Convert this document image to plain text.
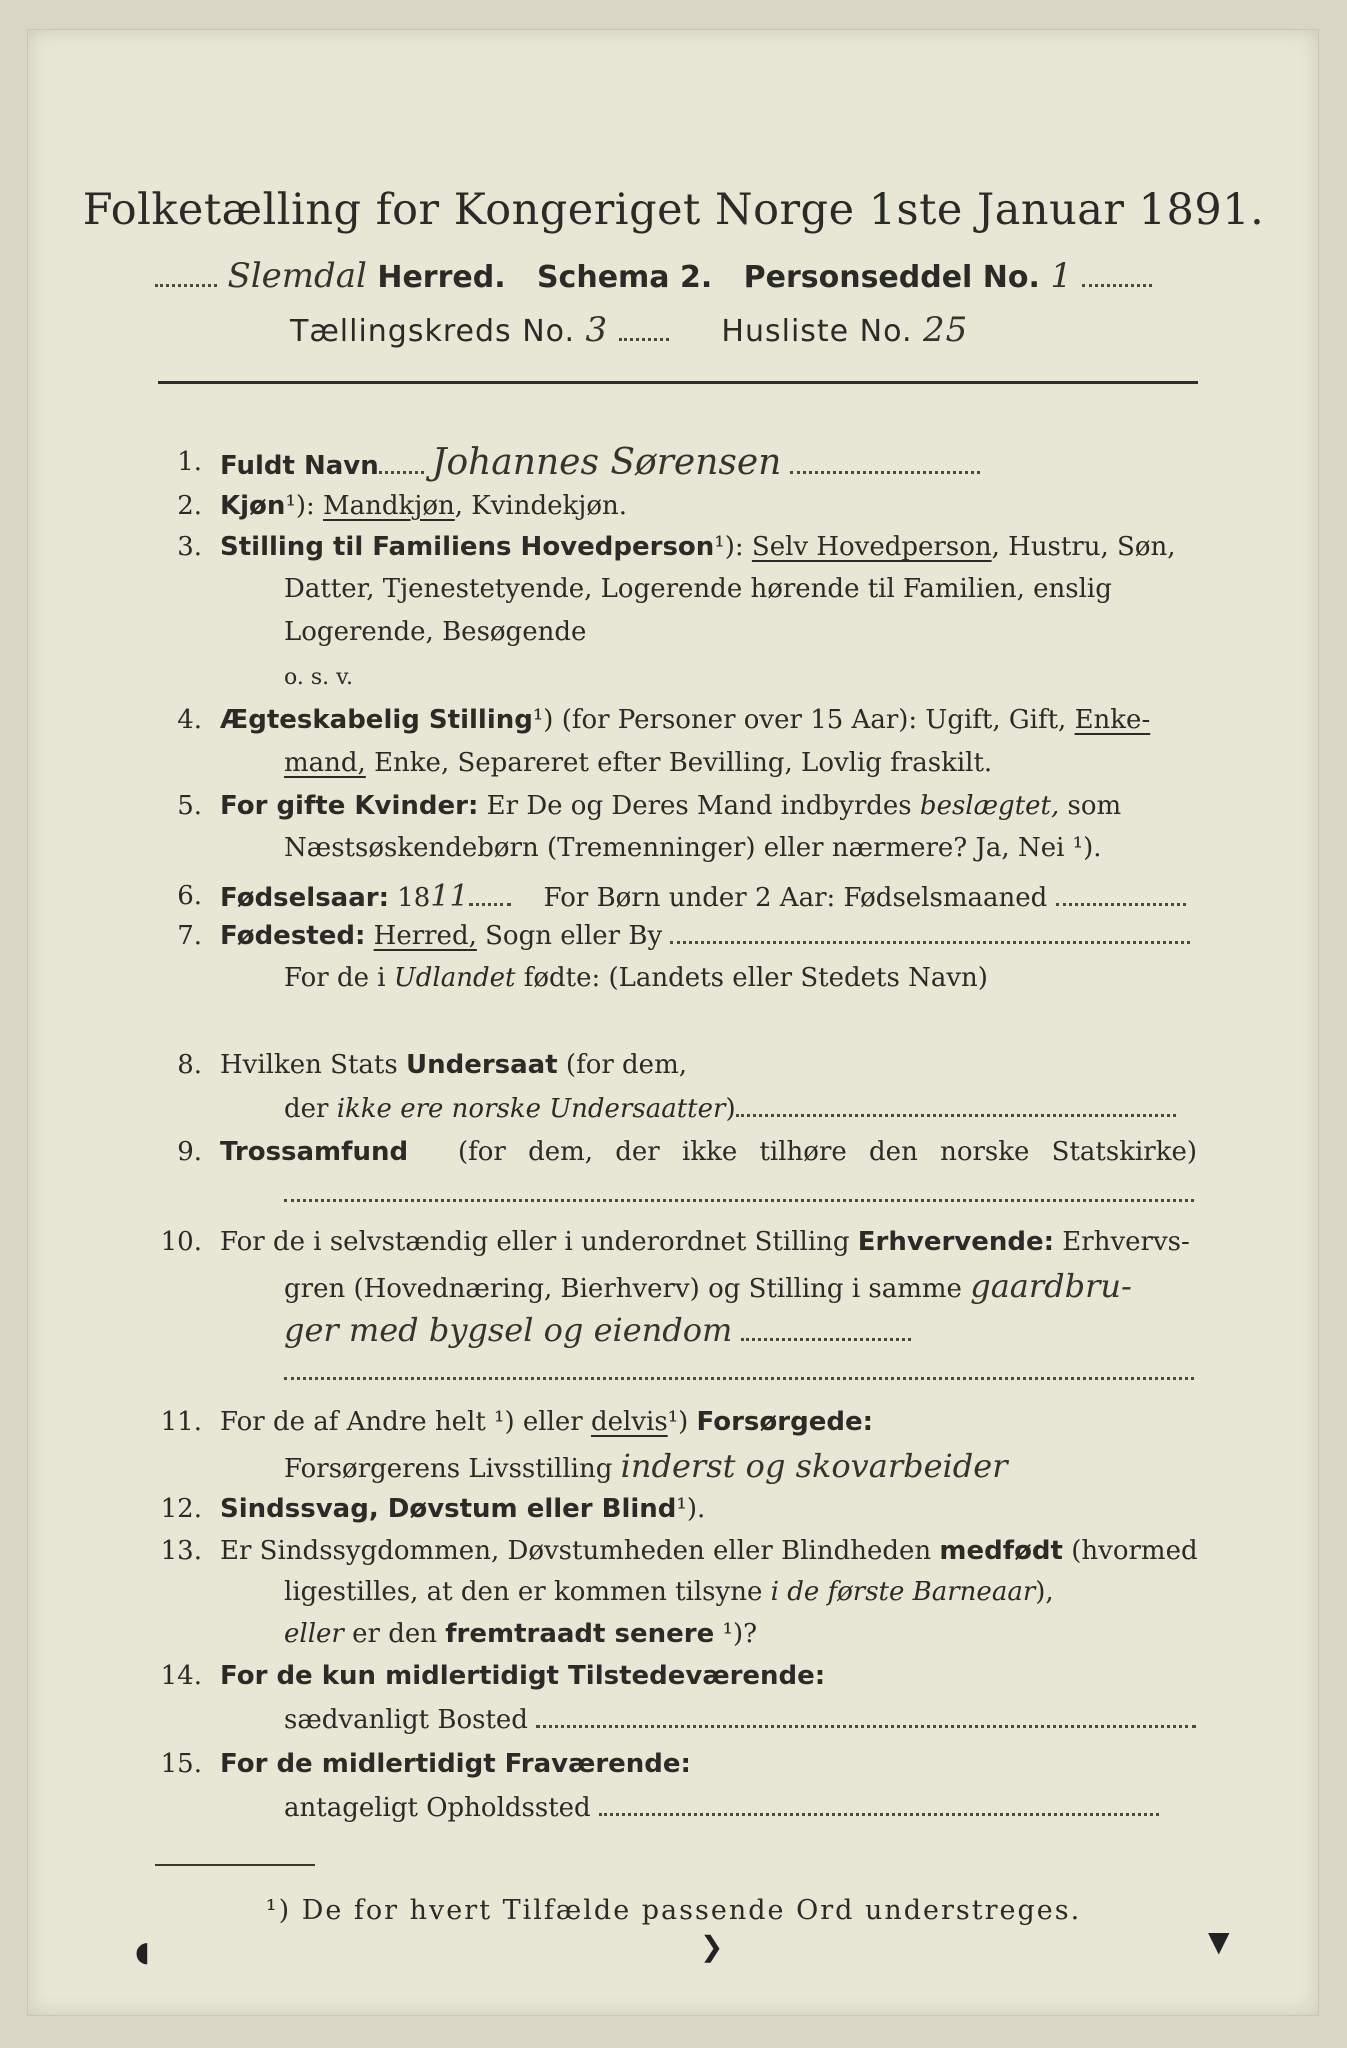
Folketælling for Kongeriget Norge 1ste Januar 1891.
Slemdal Herred. Schema 2. Personseddel No. 1
Tællingskreds No. 3	Husliste No. 25
1. Fuldt Navn Johannes Sørensen
2. Kjøn¹): Mandkjøn, Kvindekjøn.
3. Stilling til Familiens Hovedperson¹): Selv Hovedperson, Hustru, Søn,
Datter, Tjenestetyende, Logerende hørende til Familien, enslig
Logerende, Besøgende
o. s. v.
4. Ægteskabelig Stilling¹) (for Personer over 15 Aar): Ugift, Gift, Enke-
mand, Enke, Separeret efter Bevilling, Lovlig fraskilt.
5. For gifte Kvinder: Er De og Deres Mand indbyrdes beslægtet, som
Næstsøskendebørn (Tremenninger) eller nærmere? Ja, Nei ¹).
6. Fødselsaar: 1811	For Børn under 2 Aar: Fødselsmaaned
7. Fødested: Herred, Sogn eller By
For de i Udlandet fødte: (Landets eller Stedets Navn)
8. Hvilken Stats Undersaat (for dem,
der ikke ere norske Undersaatter)
9. Trossamfund	(for dem, der ikke tilhøre den norske Statskirke)
10. For de i selvstændig eller i underordnet Stilling Erhvervende: Erhvervs-
gren (Hovednæring, Bierhverv) og Stilling i samme gaardbru-
ger med bygsel og eiendom
11. For de af Andre helt ¹) eller delvis¹) Forsørgede:
Forsørgerens Livsstilling inderst og skovarbeider
12. Sindssvag, Døvstum eller Blind¹).
13. Er Sindssygdommen, Døvstumheden eller Blindheden medfødt (hvormed
ligestilles, at den er kommen tilsyne i de første Barneaar),
eller er den fremtraadt senere ¹)?
14. For de kun midlertidigt Tilstedeværende:
sædvanligt Bosted
15. For de midlertidigt Fraværende:
antageligt Opholdssted
¹) De for hvert Tilfælde passende Ord understreges.
◖	❯	▼
